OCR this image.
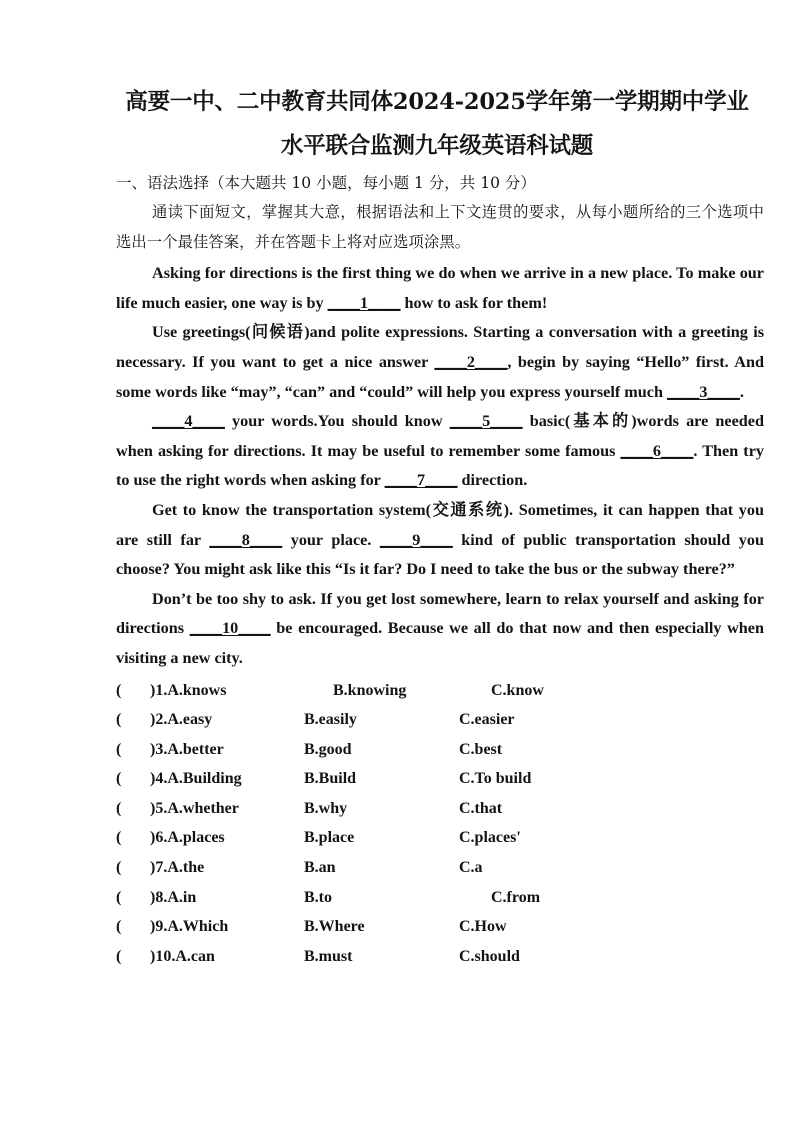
高要一中、二中教育共同体2024-2025学年第一学期期中学业
水平联合监测九年级英语科试题
一、语法选择（本大题共 10 小题，每小题 1 分，共 10 分）

通读下面短文，掌握其大意，根据语法和上下文连贯的要求，从每小题所给的三个选项中选出一个最佳答案，并在答题卡上将对应选项涂黑。

Asking for directions is the first thing we do when we arrive in a new place. To make our life much easier, one way is by ____1____ how to ask for them!

Use greetings(问候语)and polite expressions. Starting a conversation with a greeting is necessary. If you want to get a nice answer ____2____, begin by saying “Hello” first. And some words like “may”, “can” and “could” will help you express yourself much ____3____.

____4____ your words.You should know ____5____ basic(基本的)words are needed when asking for directions. It may be useful to remember some famous ____6____. Then try to use the right words when asking for ____7____ direction.

Get to know the transportation system(交通系统). Sometimes, it can happen that you are still far ____8____ your place. ____9____ kind of public transportation should you choose? You might ask like this “Is it far? Do I need to take the bus or the subway there?”

Don’t be too shy to ask. If you get lost somewhere, learn to relax yourself and asking for directions ____10____ be encouraged. Because we all do that now and then especially when visiting a new city.

( )1.A.knows	B.knowing	C.know
( )2.A.easy	B.easily	C.easier
( )3.A.better	B.good	C.best
( )4.A.Building	B.Build	C.To build
( )5.A.whether	B.why	C.that
( )6.A.places	B.place	C.places'
( )7.A.the	B.an	C.a
( )8.A.in	B.to	C.from
( )9.A.Which	B.Where	C.How
( )10.A.can	B.must	C.should
